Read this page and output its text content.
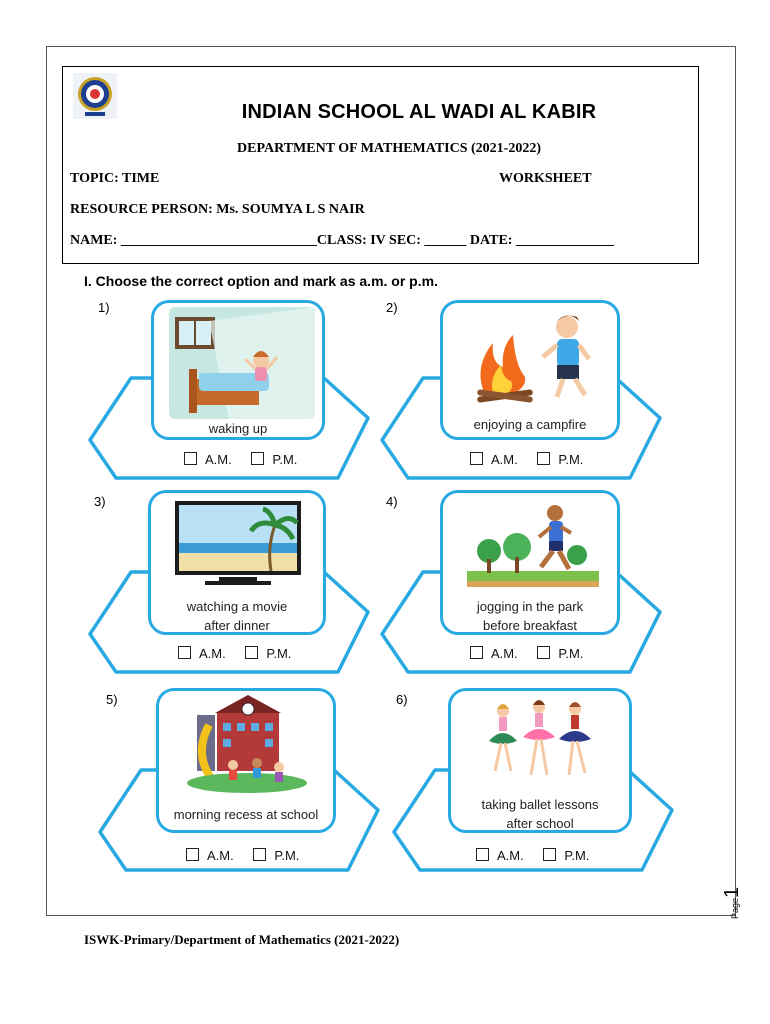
INDIAN SCHOOL AL WADI AL KABIR
DEPARTMENT OF MATHEMATICS (2021-2022)
TOPIC: TIME	WORKSHEET
RESOURCE PERSON: Ms. SOUMYA L S NAIR
NAME: ____________________________CLASS: IV SEC: ______ DATE: ______________
I. Choose the correct option and mark as a.m. or p.m.
1)
waking up
A.M.	P.M.
2)
enjoying a campfire
A.M.	P.M.
3)
watching a movie
after dinner
A.M.	P.M.
4)
jogging in the park
before breakfast
A.M.	P.M.
5)
morning recess at school
A.M.	P.M.
6)
taking ballet lessons
after school
A.M.	P.M.
Page1
ISWK-Primary/Department of Mathematics (2021-2022)
